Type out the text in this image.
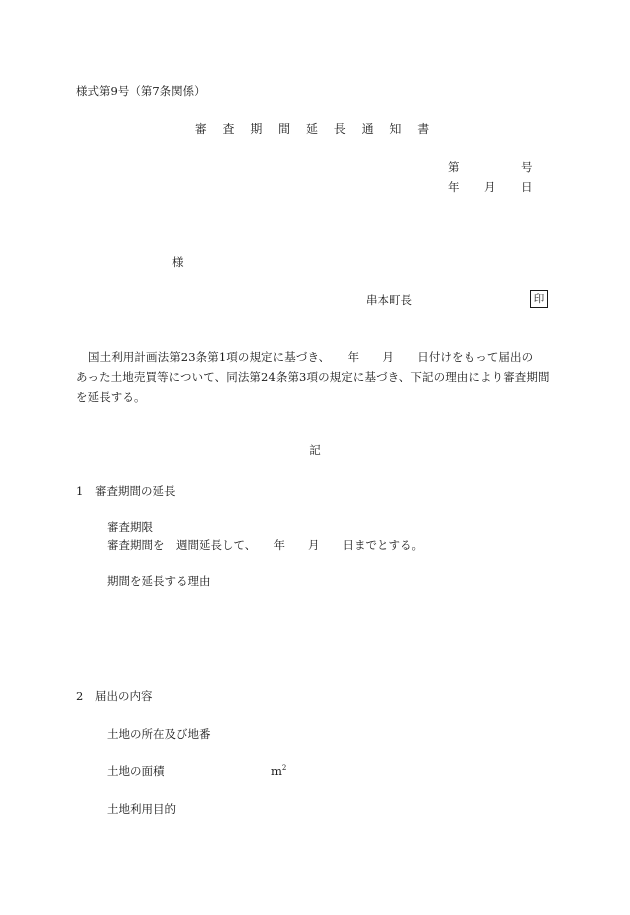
様式第9号（第7条関係）
審 査 期 間 延 長 通 知 書
第	号
年 月 日
様
串本町長	印
国土利用計画法第23条第1項の規定に基づき、　　年　　月　　日付けをもって届出の
あった土地売買等について、同法第24条第3項の規定に基づき、下記の理由により審査期間
を延長する。
記
1 審査期間の延長
審査期限
審査期間を　週間延長して、　　年　　月　　日までとする。
期間を延長する理由
2 届出の内容
土地の所在及び地番
土地の面積	$m^2$
土地利用目的
